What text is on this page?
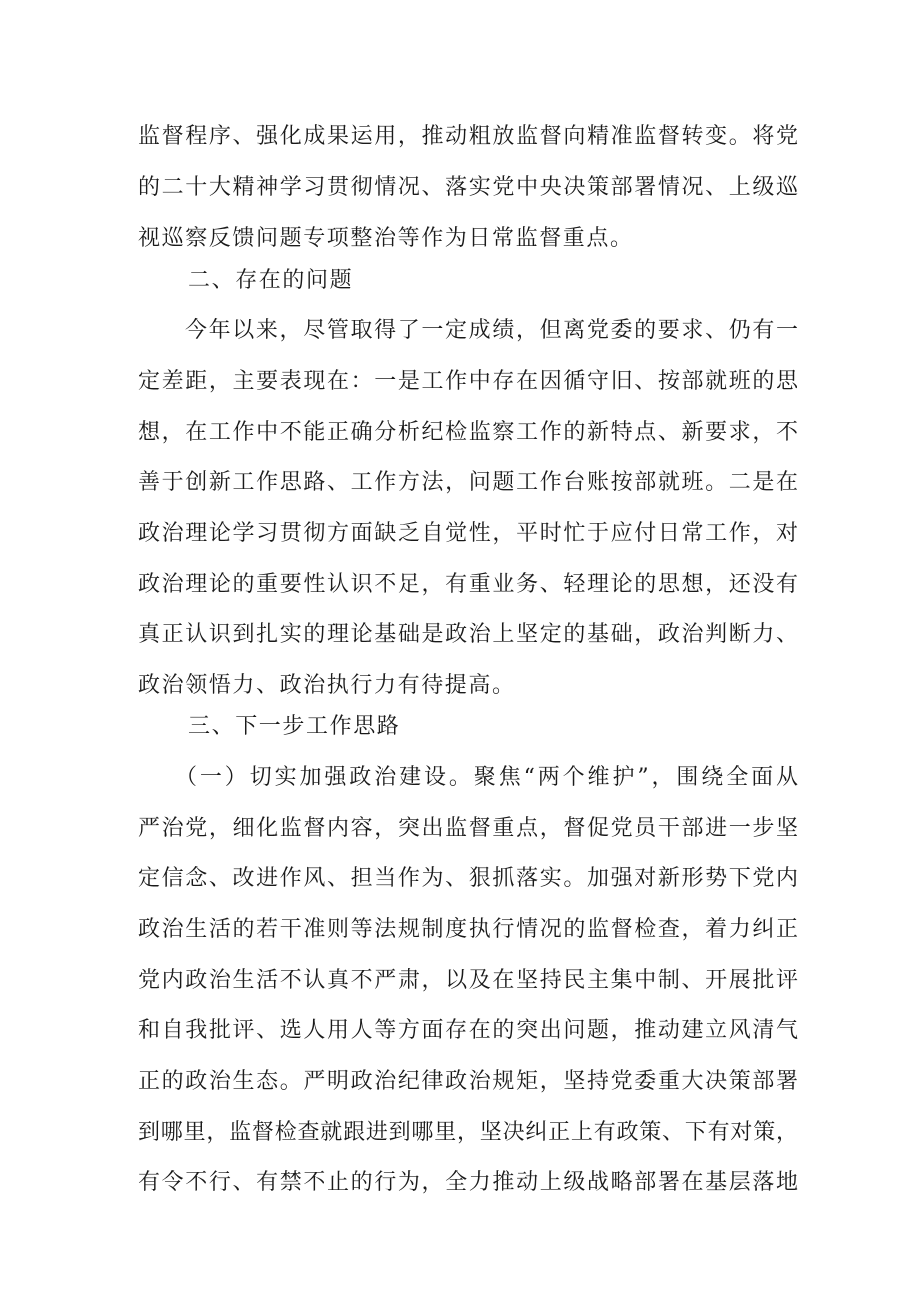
监督程序、强化成果运用，推动粗放监督向精准监督转变。将党
的二十大精神学习贯彻情况、落实党中央决策部署情况、上级巡
视巡察反馈问题专项整治等作为日常监督重点。
二、存在的问题
今年以来，尽管取得了一定成绩，但离党委的要求、仍有一
定差距，主要表现在：一是工作中存在因循守旧、按部就班的思
想，在工作中不能正确分析纪检监察工作的新特点、新要求，不
善于创新工作思路、工作方法，问题工作台账按部就班。二是在
政治理论学习贯彻方面缺乏自觉性，平时忙于应付日常工作，对
政治理论的重要性认识不足，有重业务、轻理论的思想，还没有
真正认识到扎实的理论基础是政治上坚定的基础，政治判断力、
政治领悟力、政治执行力有待提高。
三、下一步工作思路
（一）切实加强政治建设。聚焦“两个维护”，围绕全面从
严治党，细化监督内容，突出监督重点，督促党员干部进一步坚
定信念、改进作风、担当作为、狠抓落实。加强对新形势下党内
政治生活的若干准则等法规制度执行情况的监督检查，着力纠正
党内政治生活不认真不严肃，以及在坚持民主集中制、开展批评
和自我批评、选人用人等方面存在的突出问题，推动建立风清气
正的政治生态。严明政治纪律政治规矩，坚持党委重大决策部署
到哪里，监督检查就跟进到哪里，坚决纠正上有政策、下有对策，
有令不行、有禁不止的行为，全力推动上级战略部署在基层落地
